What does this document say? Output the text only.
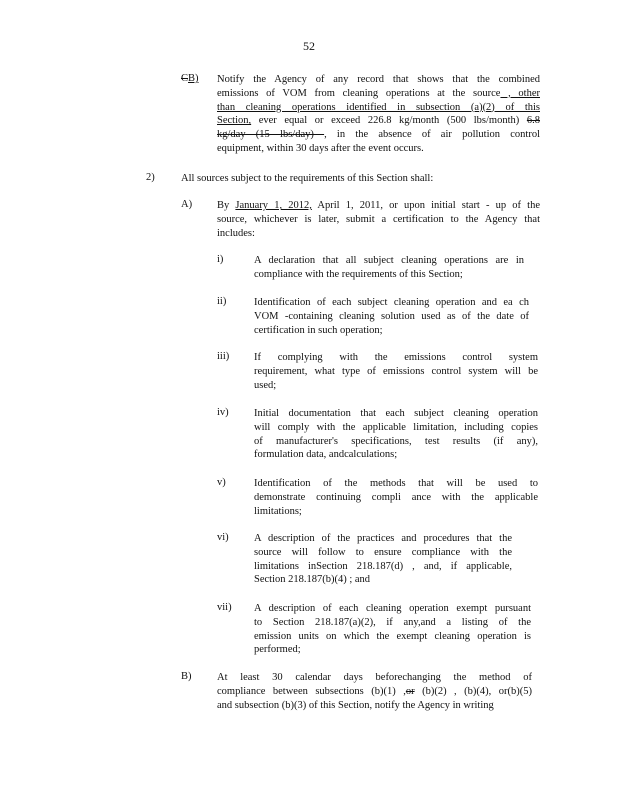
52
CB) Notify the Agency of any record that shows that the combined
emissions of VOM from cleaning operations at the source , other
than cleaning operations identified in subsection (a)(2) of this
Section, ever equal or exceed 226.8 kg/month (500 lbs/month) 6.8
kg/day (15 lbs/day) , in the absence of air pollution control
equipment, within 30 days after the event occurs.
2)	All sources subject to the requirements of this Section shall:
A) By January 1, 2012, April 1, 2011, or upon initial start - up of the
source, whichever is later, submit a certification to the Agency that
includes:
i)	A declaration that all subject cleaning operations are in
compliance with the requirements of this Section;
ii)	Identification of each subject cleaning operation and ea ch
VOM -containing cleaning solution used as of the date of
certification in such operation;
iii) If complying with the emissions control system
requirement, what type of emissions control system will be
used;
iv) Initial documentation that each subject cleaning operation
will comply with the applicable limitation, including copies
of manufacturer's specifications, test results (if any),
formulation data, andcalculations;
v)	Identification of the methods that will be used to
demonstrate continuing compli ance with the applicable
limitations;
vi) A description of the practices and procedures that the
source will follow to ensure compliance with the
limitations inSection 218.187(d) , and, if applicable,
Section 218.187(b)(4) ; and
vii) A description of each cleaning operation exempt pursuant
to Section 218.187(a)(2), if any,and a listing of the
emission units on which the exempt cleaning operation is
performed;
B) At least 30 calendar days beforechanging the method of
compliance between subsections (b)(1) ,or (b)(2) , (b)(4), or(b)(5)
and subsection (b)(3) of this Section, notify the Agency in writing
